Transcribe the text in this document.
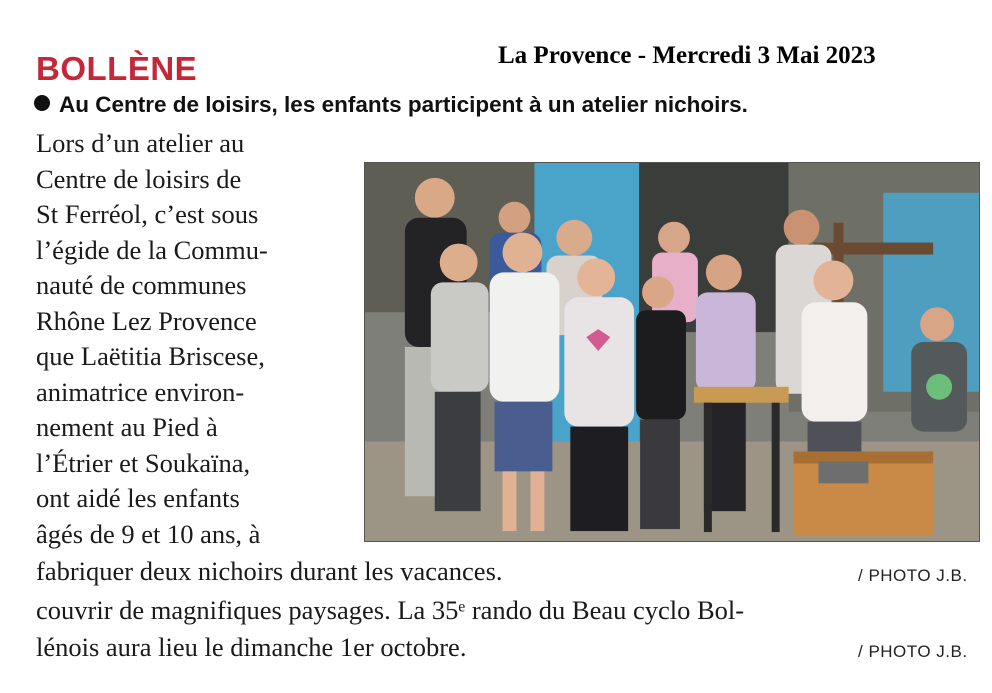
BOLLÈNE	La Provence - Mercredi 3 Mai 2023
Au Centre de loisirs, les enfants participent à un atelier nichoirs.

Lors d’un atelier au
Centre de loisirs de
St Ferréol, c’est sous
l’égide de la Commu-
nauté de communes
Rhône Lez Provence
que Laëtitia Briscese,
animatrice environ-
nement au Pied à
l’Étrier et Soukaïna,
ont aidé les enfants
âgés de 9 et 10 ans, à

fabriquer deux nichoirs durant les vacances.	/ PHOTO J.B.
couvrir de magnifiques paysages. La 35ᵉ rando du Beau cyclo Bol-
lénois aura lieu le dimanche 1er octobre.	/ PHOTO J.B.
